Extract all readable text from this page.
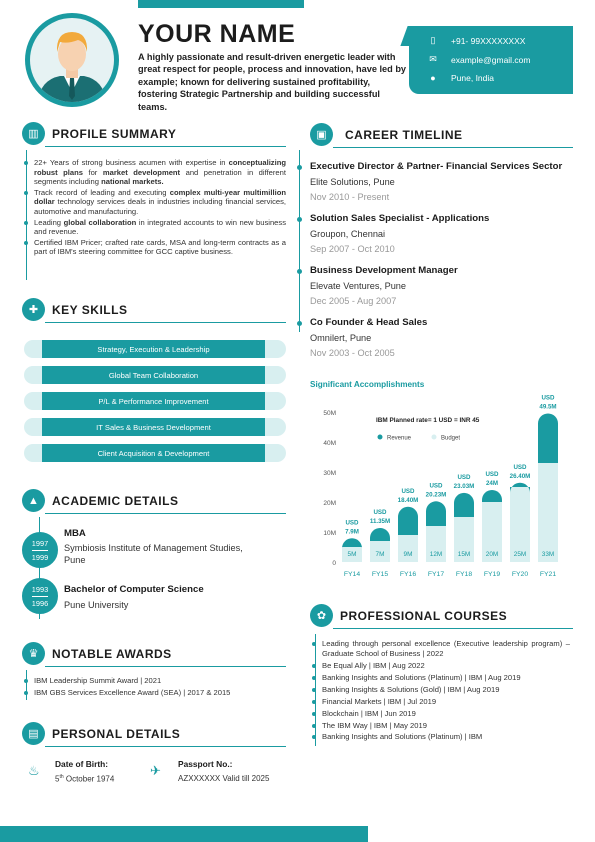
YOUR NAME
A highly passionate and result-driven energetic leader with great respect for people, process and innovation, have led by example; known for delivering sustained profitability, fostering Strategic Partnership and building successful teams.
▯	+91- 99XXXXXXXX
✉ example@gmail.com
●	Pune, India
▥	PROFILE SUMMARY
22+ Years of strong business acumen with expertise in conceptualizing robust plans for market development and penetration in different segments including national markets.
Track record of leading and executing complex multi-year multimillion dollar technology services deals in industries including financial services, automotive and manufacturing.
Leading global collaboration in integrated accounts to win new business and revenue.
Certified IBM Pricer; crafted rate cards, MSA and long-term contracts as a part of IBM's steering committee for GCC captive business.
✚	KEY SKILLS
Strategy, Execution & Leadership
Global Team Collaboration
P/L & Performance Improvement
IT Sales & Business Development
Client Acquisition & Development
▲	ACADEMIC DETAILS
1997
1999
MBA
Symbiosis Institute of Management Studies, Pune
1993
1996
Bachelor of Computer Science
Pune University
♛	NOTABLE AWARDS
IBM Leadership Summit Award | 2021
IBM GBS Services Excellence Award (SEA) | 2017 & 2015
▤	PERSONAL DETAILS
♨ Date of Birth:
5th October 1974
✈ Passport No.:
AZXXXXXX Valid till 2025
▣	CAREER TIMELINE
Executive Director & Partner- Financial Services Sector
Elite Solutions, Pune
Nov 2010 - Present
Solution Sales Specialist - Applications
Groupon, Chennai
Sep 2007 - Oct 2010
Business Development Manager
Elevate Ventures, Pune
Dec 2005 - Aug 2007
Co Founder & Head Sales
Omnilert, Pune
Nov 2003 - Oct 2005
Significant Accomplishments
0
10M
20M
30M
40M
50M
IBM Planned rate= 1 USD = INR 45
Revenue	Budget
5M
USD
7.9M
FY14
7M
USD
11.35M
FY15
9M
USD
18.40M
FY16
12M
USD
20.23M
FY17
15M
USD
23.03M
FY18
20M
USD
24M
FY19
25M
USD
26.40M
FY20
33M
USD
49.5M
FY21
✿	PROFESSIONAL COURSES
Leading through personal excellence (Executive leadership program) – Graduate School of Business | 2022
Be Equal Ally | IBM | Aug 2022
Banking Insights and Solutions (Platinum) | IBM | Aug 2019
Banking Insights & Solutions (Gold) | IBM | Aug 2019
Financial Markets | IBM | Jul 2019
Blockchain | IBM | Jun 2019
The IBM Way | IBM | May 2019
Banking Insights and Solutions (Platinum) | IBM
